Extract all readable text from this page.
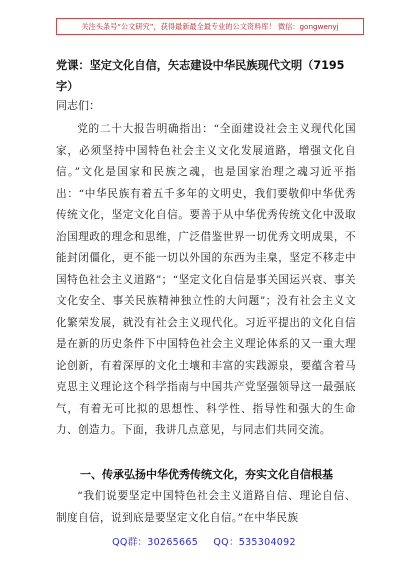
关注头条号“公文研究”，获得最新最全最专业的公文资料库！ 微信：gongwenyj
党课：坚定文化自信，矢志建设中华民族现代文明（7195字）
同志们：
党的二十大报告明确指出：“全面建设社会主义现代化国家，必须坚持中国特色社会主义文化发展道路，增强文化自信。”文化是国家和民族之魂，也是国家治理之魂习近平指出：“中华民族有着五千多年的文明史，我们要敬仰中华优秀传统文化，坚定文化自信。要善于从中华优秀传统文化中汲取治国理政的理念和思维，广泛借鉴世界一切优秀文明成果，不能封闭僵化，更不能一切以外国的东西为圭臬，坚定不移走中国特色社会主义道路”；“坚定文化自信是事关国运兴衰、事关文化安全、事关民族精神独立性的大问题”；没有社会主义文化繁荣发展，就没有社会主义现代化。习近平提出的文化自信是在新的历史条件下中国特色社会主义理论体系的又一重大理论创新，有着深厚的文化土壤和丰富的实践源泉，要蕴含着马克思主义理论这个科学指南与中国共产党坚强领导这一最强底气，有着无可比拟的思想性、科学性、指导性和强大的生命力、创造力。下面，我讲几点意见，与同志们共同交流。
一、传承弘扬中华优秀传统文化，夯实文化自信根基
“我们说要坚定中国特色社会主义道路自信、理论自信、制度自信，说到底是要坚定文化自信。”在中华民族
QQ群：30265665 QQ：535304092
